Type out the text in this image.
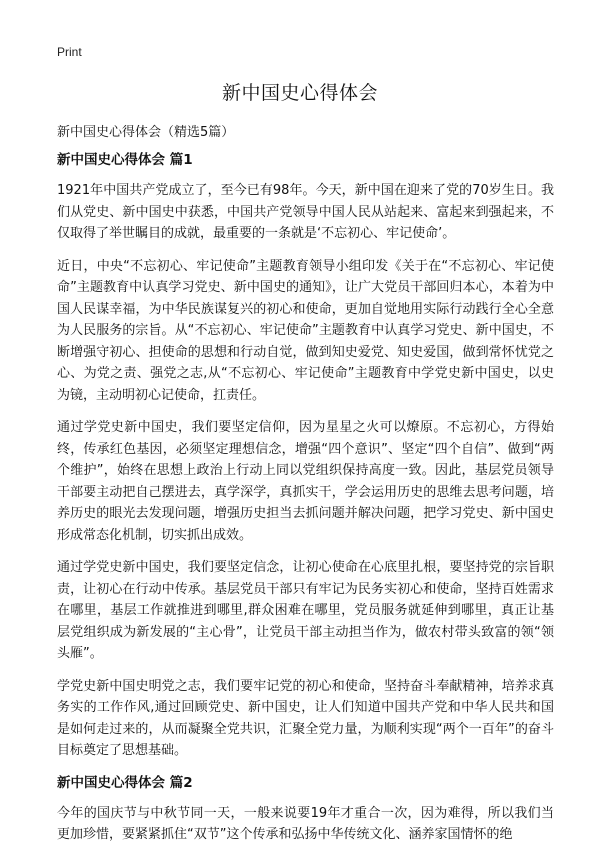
Print
新中国史心得体会
新中国史心得体会（精选5篇）
新中国史心得体会 篇1

1921年中国共产党成立了，至今已有98年。今天，新中国在迎来了党的70岁生日。我们从党史、新中国史中获悉，中国共产党领导中国人民从站起来、富起来到强起来，不仅取得了举世瞩目的成就，最重要的一条就是‘不忘初心、牢记使命’。

近日，中央“不忘初心、牢记使命”主题教育领导小组印发《关于在“不忘初心、牢记使命”主题教育中认真学习党史、新中国史的通知》，让广大党员干部回归本心，本着为中国人民谋幸福，为中华民族谋复兴的初心和使命，更加自觉地用实际行动践行全心全意为人民服务的宗旨。从“不忘初心、牢记使命”主题教育中认真学习党史、新中国史，不断增强守初心、担使命的思想和行动自觉，做到知史爱党、知史爱国，做到常怀忧党之心、为党之责、强党之志,从“不忘初心、牢记使命”主题教育中学党史新中国史，以史为镜，主动明初心记使命，扛责任。

通过学党史新中国史，我们要坚定信仰，因为星星之火可以燎原。不忘初心，方得始终，传承红色基因，必须坚定理想信念，增强“四个意识”、坚定“四个自信”、做到“两个维护”，始终在思想上政治上行动上同以党组织保持高度一致。因此，基层党员领导干部要主动把自己摆进去，真学深学，真抓实干，学会运用历史的思维去思考问题，培养历史的眼光去发现问题，增强历史担当去抓问题并解决问题，把学习党史、新中国史形成常态化机制，切实抓出成效。

通过学党史新中国史，我们要坚定信念，让初心使命在心底里扎根，要坚持党的宗旨职责，让初心在行动中传承。基层党员干部只有牢记为民务实初心和使命，坚持百姓需求在哪里，基层工作就推进到哪里,群众困难在哪里，党员服务就延伸到哪里，真正让基层党组织成为新发展的“主心骨”，让党员干部主动担当作为，做农村带头致富的领“领头雁”。

学党史新中国史明党之志，我们要牢记党的初心和使命，坚持奋斗奉献精神，培养求真务实的工作作风,通过回顾党史、新中国史，让人们知道中国共产党和中华人民共和国是如何走过来的，从而凝聚全党共识，汇聚全党力量，为顺利实现“两个一百年”的奋斗目标奠定了思想基础。

新中国史心得体会 篇2

今年的国庆节与中秋节同一天，一般来说要19年才重合一次，因为难得，所以我们当更加珍惜，要紧紧抓住“双节”这个传承和弘扬中华传统文化、涵养家国情怀的绝
